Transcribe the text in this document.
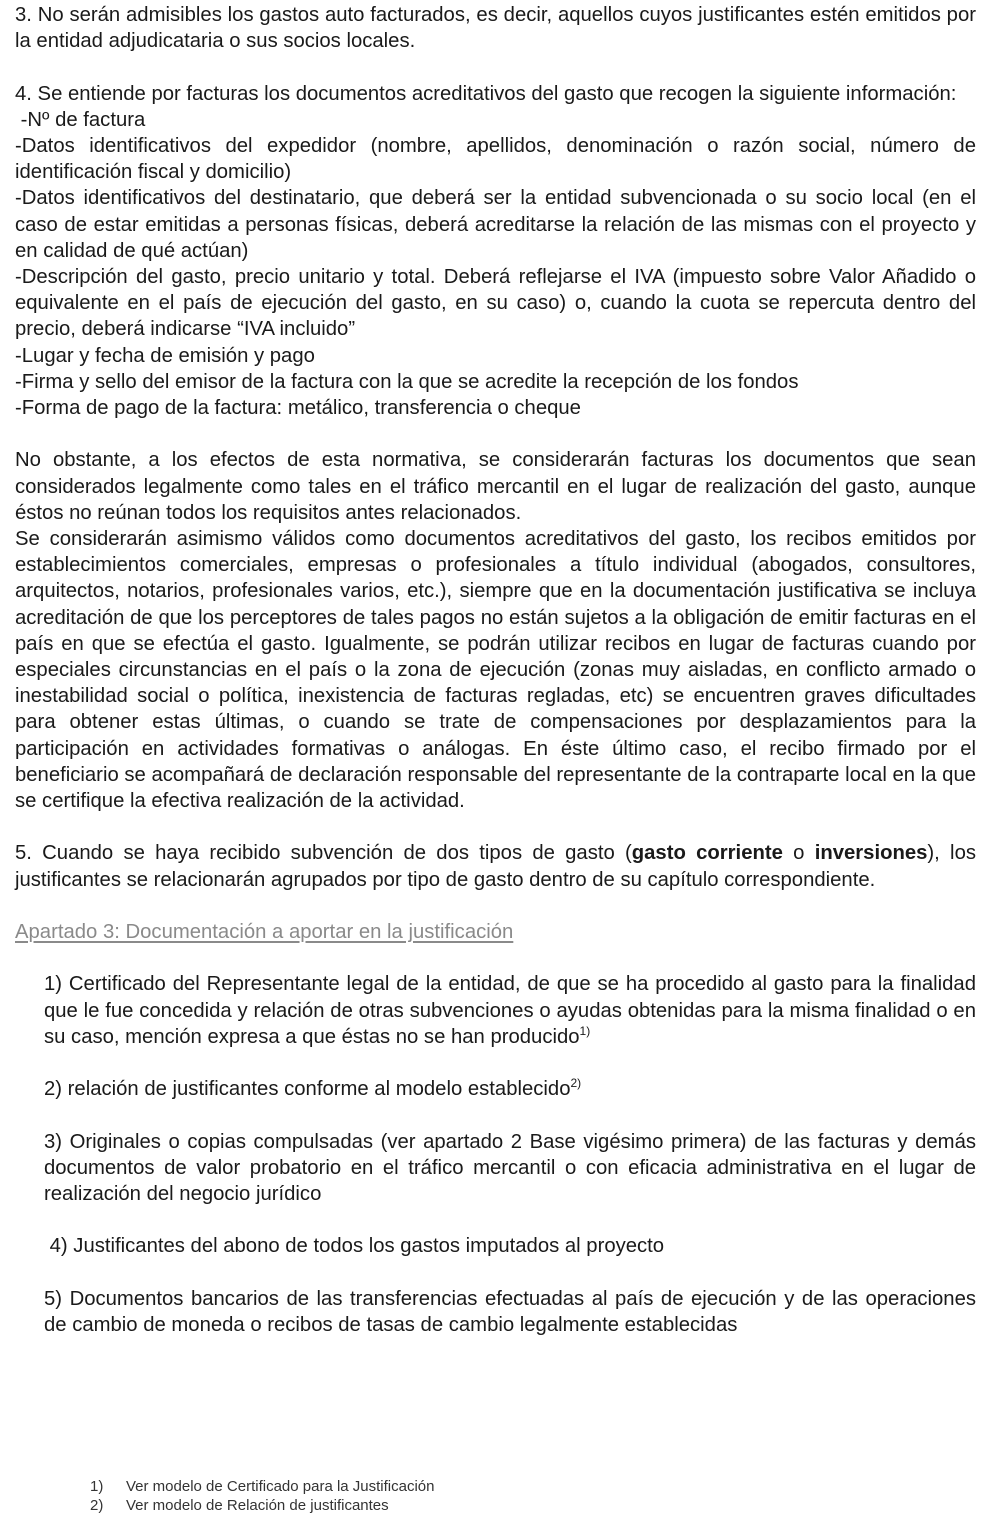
3. No serán admisibles los gastos auto facturados, es decir, aquellos cuyos justificantes estén emitidos por la entidad adjudicataria o sus socios locales.

4. Se entiende por facturas los documentos acreditativos del gasto que recogen la siguiente información:

-Nº de factura

-Datos identificativos del expedidor (nombre, apellidos, denominación o razón social, número de identificación fiscal y domicilio)

-Datos identificativos del destinatario, que deberá ser la entidad subvencionada o su socio local (en el caso de estar emitidas a personas físicas, deberá acreditarse la relación de las mismas con el proyecto y en calidad de qué actúan)

-Descripción del gasto, precio unitario y total. Deberá reflejarse el IVA (impuesto sobre Valor Añadido o equivalente en el país de ejecución del gasto, en su caso) o, cuando la cuota se repercuta dentro del precio, deberá indicarse “IVA incluido”

-Lugar y fecha de emisión y pago

-Firma y sello del emisor de la factura con la que se acredite la recepción de los fondos

-Forma de pago de la factura: metálico, transferencia o cheque

No obstante, a los efectos de esta normativa, se considerarán facturas los documentos que sean considerados legalmente como tales en el tráfico mercantil en el lugar de realización del gasto, aunque éstos no reúnan todos los requisitos antes relacionados.

Se considerarán asimismo válidos como documentos acreditativos del gasto, los recibos emitidos por establecimientos comerciales, empresas o profesionales a título individual (abogados, consultores, arquitectos, notarios, profesionales varios, etc.), siempre que en la documentación justificativa se incluya acreditación de que los perceptores de tales pagos no están sujetos a la obligación de emitir facturas en el país en que se efectúa el gasto. Igualmente, se podrán utilizar recibos en lugar de facturas cuando por especiales circunstancias en el país o la zona de ejecución (zonas muy aisladas, en conflicto armado o inestabilidad social o política, inexistencia de facturas regladas, etc) se encuentren graves dificultades para obtener estas últimas, o cuando se trate de compensaciones por desplazamientos para la participación en actividades formativas o análogas. En éste último caso, el recibo firmado por el beneficiario se acompañará de declaración responsable del representante de la contraparte local en la que se certifique la efectiva realización de la actividad.

5. Cuando se haya recibido subvención de dos tipos de gasto (gasto corriente o inversiones), los justificantes se relacionarán agrupados por tipo de gasto dentro de su capítulo correspondiente.

Apartado 3: Documentación a aportar en la justificación

1) Certificado del Representante legal de la entidad, de que se ha procedido al gasto para la finalidad que le fue concedida y relación de otras subvenciones o ayudas obtenidas para la misma finalidad o en su caso, mención expresa a que éstas no se han producido$^{1)}$

2) relación de justificantes conforme al modelo establecido$^{2)}$

3) Originales o copias compulsadas (ver apartado 2 Base vigésimo primera) de las facturas y demás documentos de valor probatorio en el tráfico mercantil o con eficacia administrativa en el lugar de realización del negocio jurídico

4) Justificantes del abono de todos los gastos imputados al proyecto

5) Documentos bancarios de las transferencias efectuadas al país de ejecución y de las operaciones de cambio de moneda o recibos de tasas de cambio legalmente establecidas

1)	Ver modelo de Certificado para la Justificación
2)	Ver modelo de Relación de justificantes
